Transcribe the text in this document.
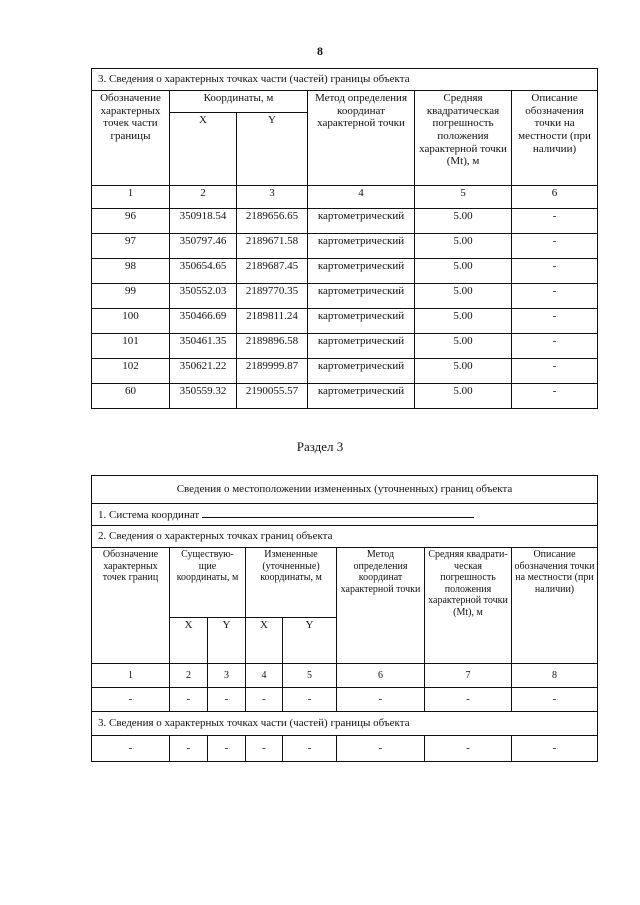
8
3. Сведения о характерных точках части (частей) границы объекта					
Обозначение характерных точек части границы	Координаты, м		Метод определения координат характерной точки	Средняя квадратическая погрешность положения характерной точки (Mt), м	Описание обозначения точки на местности (при наличии)
	X	Y			
1	2	3	4	5	6
96	350918.54	2189656.65	картометрический	5.00	-
97	350797.46	2189671.58	картометрический	5.00	-
98	350654.65	2189687.45	картометрический	5.00	-
99	350552.03	2189770.35	картометрический	5.00	-
100	350466.69	2189811.24	картометрический	5.00	-
101	350461.35	2189896.58	картометрический	5.00	-
102	350621.22	2189999.87	картометрический	5.00	-
60	350559.32	2190055.57	картометрический	5.00	-
Раздел 3
Сведения о местоположении измененных (уточненных) границ объекта							
1. Система координат							
2. Сведения о характерных точках границ объекта							
Обозначение характерных точек границ	Существую- щие координаты, м		Измененные (уточненные) координаты, м		Метод определения координат характерной точки	Средняя квадрати- ческая погрешность положения характерной точки (Mt), м	Описание обозначения точки на местности (при наличии)
	X	Y	X	Y			
1	2	3	4	5	6	7	8
-	-	-	-	-	-	-	-
3. Сведения о характерных точках части (частей) границы объекта							
-	-	-	-	-	-	-	-
